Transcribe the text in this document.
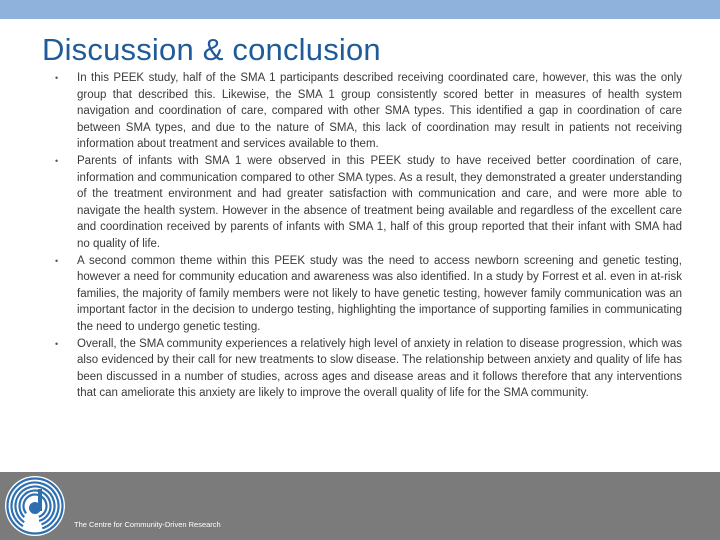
Discussion & conclusion
• In this PEEK study, half of the SMA 1 participants described receiving coordinated care, however, this was the only group that described this. Likewise, the SMA 1 group consistently scored better in measures of health system navigation and coordination of care, compared with other SMA types. This identified a gap in coordination of care between SMA types, and due to the nature of SMA, this lack of coordination may result in patients not receiving information about treatment and services available to them.
• Parents of infants with SMA 1 were observed in this PEEK study to have received better coordination of care, information and communication compared to other SMA types. As a result, they demonstrated a greater understanding of the treatment environment and had greater satisfaction with communication and care, and were more able to navigate the health system. However in the absence of treatment being available and regardless of the excellent care and coordination received by parents of infants with SMA 1, half of this group reported that their infant with SMA had no quality of life.
• A second common theme within this PEEK study was the need to access newborn screening and genetic testing, however a need for community education and awareness was also identified. In a study by Forrest et al. even in at-risk families, the majority of family members were not likely to have genetic testing, however family communication was an important factor in the decision to undergo testing, highlighting the importance of supporting families in communicating the need to undergo genetic testing.
• Overall, the SMA community experiences a relatively high level of anxiety in relation to disease progression, which was also evidenced by their call for new treatments to slow disease. The relationship between anxiety and quality of life has been discussed in a number of studies, across ages and disease areas and it follows therefore that any interventions that can ameliorate this anxiety are likely to improve the overall quality of life for the SMA community.
The Centre for Community-Driven Research
